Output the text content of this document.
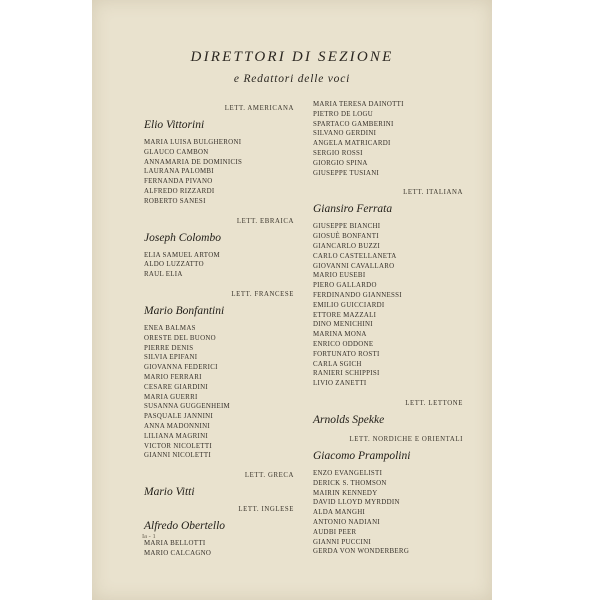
DIRETTORI DI SEZIONE
e Redattori delle voci
LETT. AMERICANA
Elio Vittorini
MARIA LUISA BULGHERONI
GLAUCO CAMBON
ANNAMARIA DE DOMINICIS
LAURANA PALOMBI
FERNANDA PIVANO
ALFREDO RIZZARDI
ROBERTO SANESI
LETT. EBRAICA
Joseph Colombo
ELIA SAMUEL ARTOM
ALDO LUZZATTO
RAUL ELIA
LETT. FRANCESE
Mario Bonfantini
ENEA BALMAS
ORESTE DEL BUONO
PIERRE DENIS
SILVIA EPIFANI
GIOVANNA FEDERICI
MARIO FERRARI
CESARE GIARDINI
MARIA GUERRI
SUSANNA GUGGENHEIM
PASQUALE JANNINI
ANNA MADONNINI
LILIANA MAGRINI
VICTOR NICOLETTI
GIANNI NICOLETTI
LETT. GRECA
Mario Vitti
LETT. INGLESE
Alfredo Obertello
MARIA BELLOTTI
MARIO CALCAGNO
MARIA TERESA DAINOTTI
PIETRO DE LOGU
SPARTACO GAMBERINI
SILVANO GERDINI
ANGELA MATRICARDI
SERGIO ROSSI
GIORGIO SPINA
GIUSEPPE TUSIANI
LETT. ITALIANA
Giansiro Ferrata
GIUSEPPE BIANCHI
GIOSUÈ BONFANTI
GIANCARLO BUZZI
CARLO CASTELLANETA
GIOVANNI CAVALLARO
MARIO EUSEBI
PIERO GALLARDO
FERDINANDO GIANNESSI
EMILIO GUICCIARDI
ETTORE MAZZALI
DINO MENICHINI
MARINA MONA
ENRICO ODDONE
FORTUNATO ROSTI
CARLA SGICH
RANIERI SCHIPPISI
LIVIO ZANETTI
LETT. LETTONE
Arnolds Spekke
LETT. NORDICHE E ORIENTALI
Giacomo Prampolini
ENZO EVANGELISTI
DERICK S. THOMSON
MAIRIN KENNEDY
DAVID LLOYD MYRDDIN
ALDA MANGHI
ANTONIO NADIANI
AUDBI PEER
GIANNI PUCCINI
GERDA VON WONDERBERG
Ia - 1
